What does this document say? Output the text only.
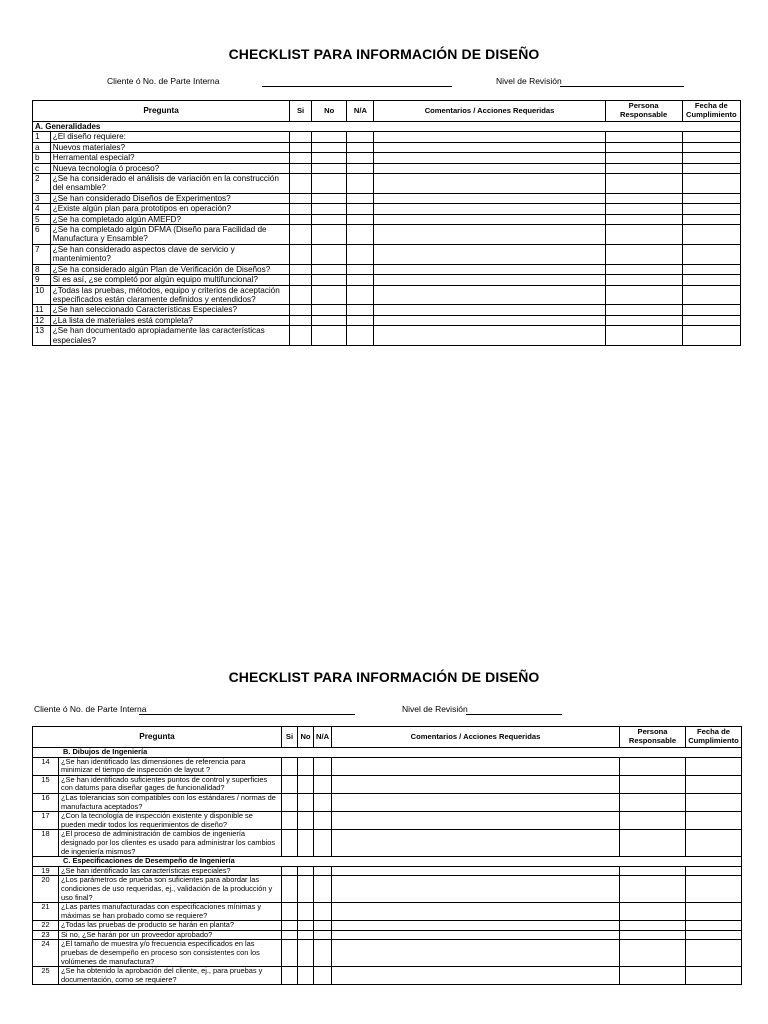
CHECKLIST PARA INFORMACIÓN DE DISEÑO
Cliente ó No. de Parte Interna	Nivel de Revisión
Pregunta		Si	No	N/A	Comentarios / Acciones Requeridas	Persona Responsable	Fecha de Cumplimiento
A. Generalidades							
1	¿El diseño requiere:						
a	Nuevos materiales?						
b	Herramental especial?						
c	Nueva tecnología ó proceso?						
2	¿Se ha considerado el análisis de variación en la construcción del ensamble?						
3	¿Se han considerado Diseños de Experimentos?						
4	¿Existe algún plan para prototipos en operación?						
5	¿Se ha completado algún AMEFD?						
6	¿Se ha completado algún DFMA (Diseño para Facilidad de Manufactura y Ensamble?						
7	¿Se han considerado aspectos clave de servicio y mantenimiento?						
8	¿Se ha considerado algún Plan de Verificación de Diseños?						
9	Si es así, ¿se completó por algún equipo multifuncional?						
10	¿Todas las pruebas, métodos, equipo y criterios de aceptación especificados están claramente definidos y entendidos?						
11	¿Se han seleccionado Características Especiales?						
12	¿La lista de materiales está completa?						
13	¿Se han documentado apropiadamente las características especiales?						
CHECKLIST PARA INFORMACIÓN DE DISEÑO
Cliente ó No. de Parte Interna	Nivel de Revisión
Pregunta		Si	No	N/A	Comentarios / Acciones Requeridas	Persona Responsable	Fecha de Cumplimiento
B. Dibujos de Ingeniería							
14	¿Se han identificado las dimensiones de referencia para minimizar el tiempo de inspección de layout ?						
15	¿Se han identificado suficientes puntos de control y superficies con datums para diseñar gages de funcionalidad?						
16	¿Las tolerancias son compatibles con los estándares / normas de manufactura aceptados?						
17	¿Con la tecnología de inspección existente y disponible se pueden medir todos los requerimientos de diseño?						
18	¿El proceso de administración de cambios de ingeniería designado por los clientes es usado para administrar los cambios de ingeniería mismos?						
C. Especificaciones de Desempeño de Ingeniería							
19	¿Se han identificado las características especiales?						
20	¿Los parámetros de prueba son suficientes para abordar las condiciones de uso requeridas, ej., validación de la producción y uso final?						
21	¿Las partes manufacturadas con especificaciones mínimas y máximas se han probado como se requiere?						
22	¿Todas las pruebas de producto se harán en planta?						
23	Si no, ¿Se harán por un proveedor aprobado?						
24	¿El tamaño de muestra y/o frecuencia especificados en las pruebas de desempeño en proceso son consistentes con los volúmenes de manufactura?						
25	¿Se ha obtenido la aprobación del cliente, ej., para pruebas y documentación, como se requiere?						
